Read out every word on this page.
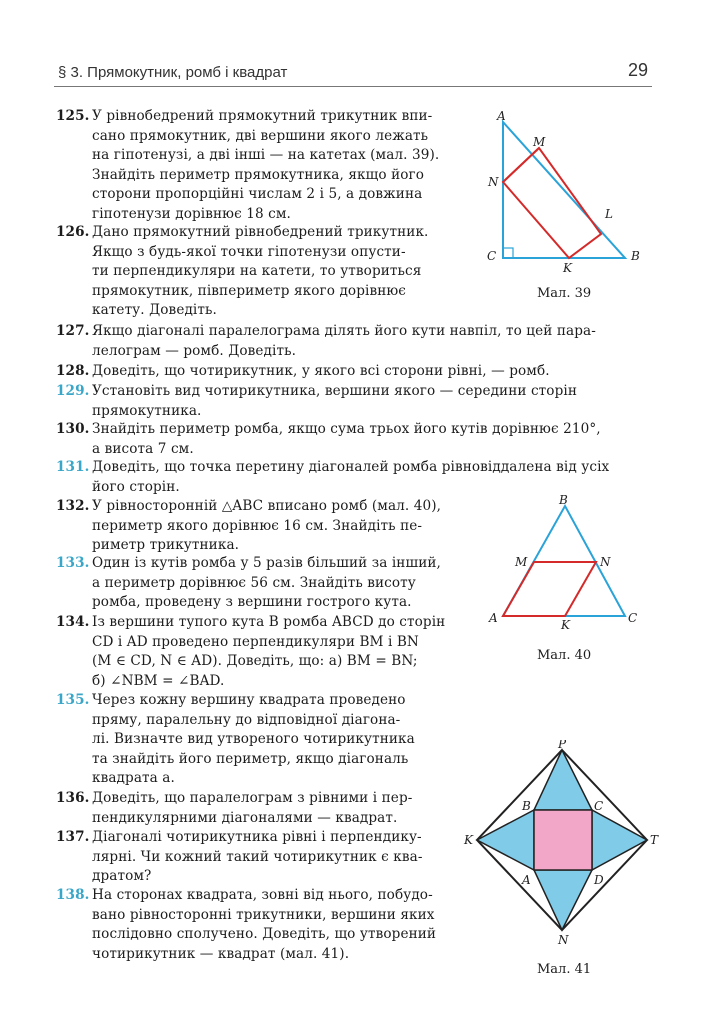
§ 3. Прямокутник, ромб і квадрат	29
125. У рівнобедрений прямокутний трикутник впи-
сано прямокутник, дві вершини якого лежать
на гіпотенузі, а дві інші — на катетах (мал. 39).
Знайдіть периметр прямокутника, якщо його
сторони пропорційні числам 2 і 5, а довжина
гіпотенузи дорівнює 18 см.
126. Дано прямокутний рівнобедрений трикутник.
Якщо з будь-якої точки гіпотенузи опусти-
ти перпендикуляри на катети, то утвориться
прямокутник, півпериметр якого дорівнює
катету. Доведіть.
127. Якщо діагоналі паралелограма ділять його кути навпіл, то цей пара-
лелограм — ромб. Доведіть.
128. Доведіть, що чотирикутник, у якого всі сторони рівні, — ромб.
129. Установіть вид чотирикутника, вершини якого — середини сторін
прямокутника.
130. Знайдіть периметр ромба, якщо сума трьох його кутів дорівнює 210°,
а висота 7 см.
131. Доведіть, що точка перетину діагоналей ромба рівновіддалена від усіх
його сторін.
132. У рівносторонній △ABC вписано ромб (мал. 40),
периметр якого дорівнює 16 см. Знайдіть пе-
риметр трикутника.
133. Один із кутів ромба у 5 разів більший за інший,
а периметр дорівнює 56 см. Знайдіть висоту
ромба, проведену з вершини гострого кута.
134. Із вершини тупого кута B ромба ABCD до сторін
CD і AD проведено перпендикуляри BM і BN
(M ∈ CD, N ∈ AD). Доведіть, що: а) BM = BN;
б) ∠NBM = ∠BAD.
135. Через кожну вершину квадрата проведено
пряму, паралельну до відповідної діагона-
лі. Визначте вид утвореного чотирикутника
та знайдіть його периметр, якщо діагональ
квадрата a.
136. Доведіть, що паралелограм з рівними і пер-
пендикулярними діагоналями — квадрат.
137. Діагоналі чотирикутника рівні і перпендику-
лярні. Чи кожний такий чотирикутник є ква-
дратом?
138. На сторонах квадрата, зовні від нього, побудо-
вано рівносторонні трикутники, вершини яких
послідовно сполучено. Доведіть, що утворений
чотирикутник — квадрат (мал. 41).
A
M
N
L
C
K
B
Мал. 39
B
M	N
A	K	C
Мал. 40
P
B	C
K	T
A	D
N
Мал. 41
